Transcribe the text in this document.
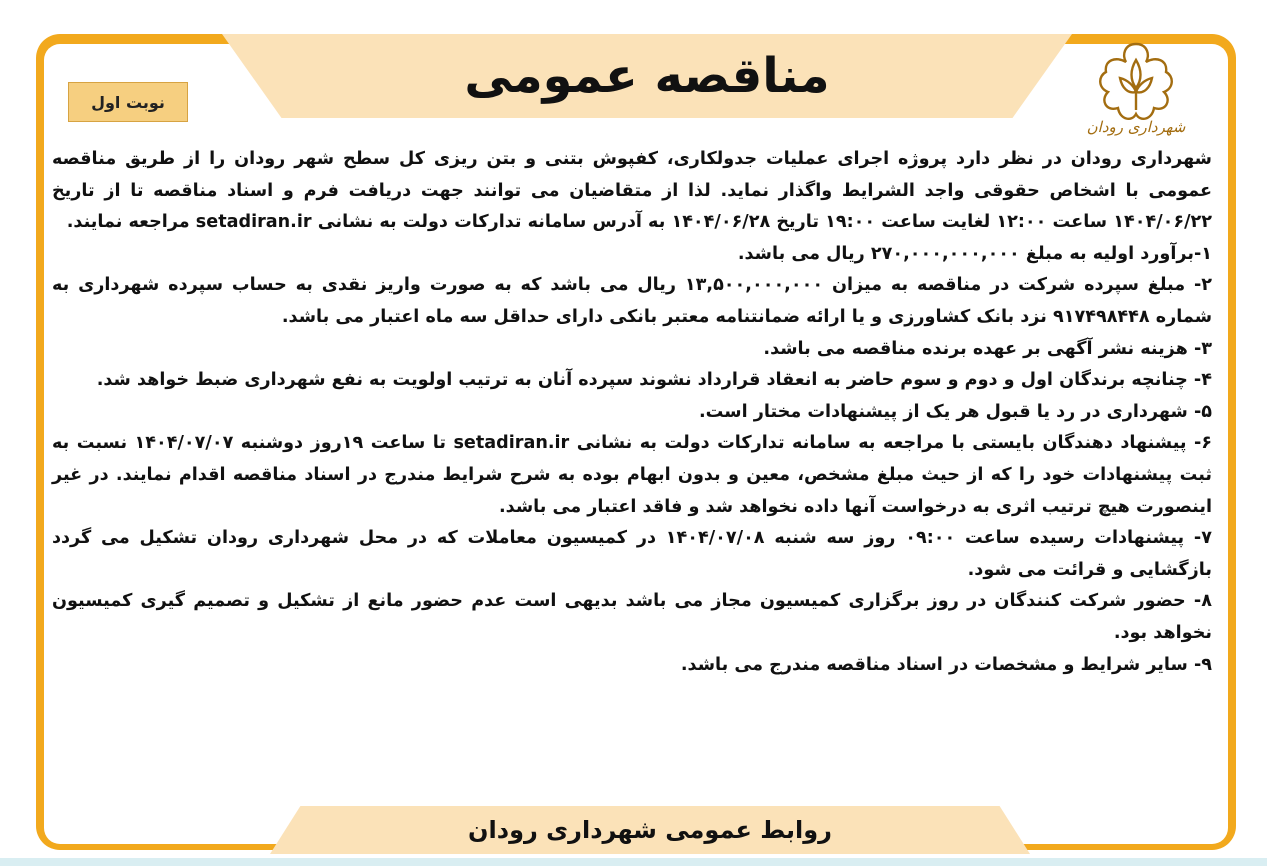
مناقصه عمومی
نوبت اول
شهرداری رودان

شهرداری رودان در نظر دارد پروژه اجرای عملیات جدولکاری، کفپوش بتنی و بتن ریزی کل سطح شهر رودان را از طریق مناقصه عمومی با اشخاص حقوقی واجد الشرایط واگذار نماید. لذا از متقاضیان می توانند جهت دریافت فرم و اسناد مناقصه تا از تاریخ ۱۴۰۴/۰۶/۲۲ ساعت ۱۲:۰۰ لغایت ساعت ۱۹:۰۰ تاریخ ۱۴۰۴/۰۶/۲۸ به آدرس سامانه تدارکات دولت به نشانی setadiran.ir مراجعه نمایند.

۱-برآورد اولیه به مبلغ ۲۷۰,۰۰۰,۰۰۰,۰۰۰ ریال می باشد.

۲- مبلغ سپرده شرکت در مناقصه به میزان ۱۳,۵۰۰,۰۰۰,۰۰۰ ریال می باشد که به صورت واریز نقدی به حساب سپرده شهرداری به شماره ۹۱۷۴۹۸۴۴۸ نزد بانک کشاورزی و یا ارائه ضمانتنامه معتبر بانکی دارای حداقل سه ماه اعتبار می باشد.

۳- هزینه نشر آگهی بر عهده برنده مناقصه می باشد.

۴- چنانچه برندگان اول و دوم و سوم حاضر به انعقاد قرارداد نشوند سپرده آنان به ترتیب اولویت به نفع شهرداری ضبط خواهد شد.

۵- شهرداری در رد یا قبول هر یک از پیشنهادات مختار است.

۶- پیشنهاد دهندگان بایستی با مراجعه به سامانه تدارکات دولت به نشانی setadiran.ir تا ساعت ۱۹روز دوشنبه ۱۴۰۴/۰۷/۰۷ نسبت به ثبت پیشنهادات خود را که از حیث مبلغ مشخص، معین و بدون ابهام بوده به شرح شرایط مندرج در اسناد مناقصه اقدام نمایند. در غیر اینصورت هیچ ترتیب اثری به درخواست آنها داده نخواهد شد و فاقد اعتبار می باشد.

۷- پیشنهادات رسیده ساعت ۰۹:۰۰ روز سه شنبه ۱۴۰۴/۰۷/۰۸ در کمیسیون معاملات که در محل شهرداری رودان تشکیل می گردد بازگشایی و قرائت می شود.

۸- حضور شرکت کنندگان در روز برگزاری کمیسیون مجاز می باشد بدیهی است عدم حضور مانع از تشکیل و تصمیم گیری کمیسیون نخواهد بود.

۹- سایر شرایط و مشخصات در اسناد مناقصه مندرج می باشد.

روابط عمومی شهرداری رودان
